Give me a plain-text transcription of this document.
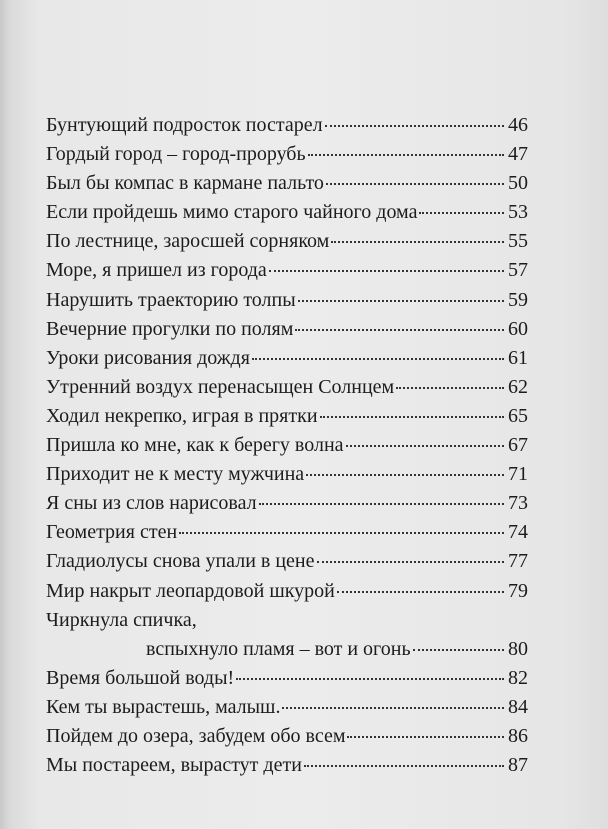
Бунтующий подросток постарел	46
Гордый город – город-прорубь	47
Был бы компас в кармане пальто	50
Если пройдешь мимо старого чайного дома	53
По лестнице, заросшей сорняком	55
Море, я пришел из города	57
Нарушить траекторию толпы	59
Вечерние прогулки по полям	60
Уроки рисования дождя	61
Утренний воздух перенасыщен Солнцем	62
Ходил некрепко, играя в прятки	65
Пришла ко мне, как к берегу волна	67
Приходит не к месту мужчина	71
Я сны из слов нарисовал	73
Геометрия стен	74
Гладиолусы снова упали в цене	77
Мир накрыт леопардовой шкурой	79
Чиркнула спичка,
вспыхнуло пламя – вот и огонь	80
Время большой воды!	82
Кем ты вырастешь, малыш.	84
Пойдем до озера, забудем обо всем	86
Мы постареем, вырастут дети	87
